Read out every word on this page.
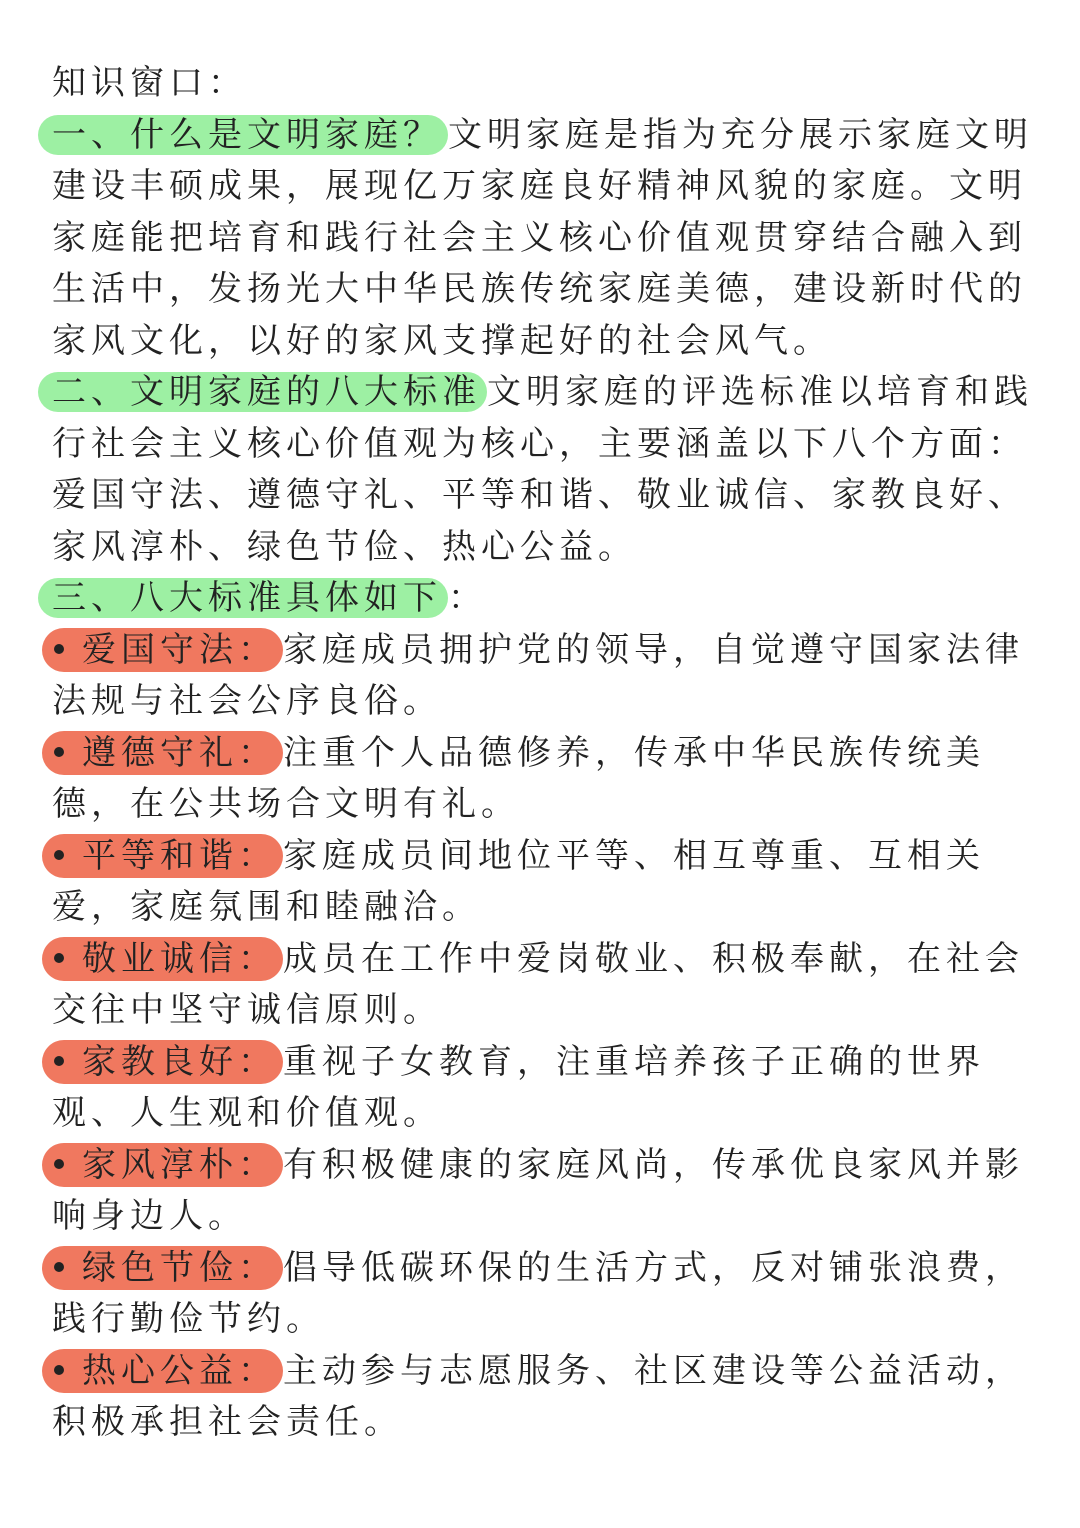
知识窗口：
一、什么是文明家庭？ 文明家庭是指为充分展示家庭文明
建设丰硕成果，展现亿万家庭良好精神风貌的家庭。文明
家庭能把培育和践行社会主义核心价值观贯穿结合融入到
生活中，发扬光大中华民族传统家庭美德，建设新时代的
家风文化，以好的家风支撑起好的社会风气。
二、文明家庭的八大标准 文明家庭的评选标准以培育和践
行社会主义核心价值观为核心，主要涵盖以下八个方面：
爱国守法、遵德守礼、平等和谐、敬业诚信、家教良好、
家风淳朴、绿色节俭、热心公益。
三、八大标准具体如下 ：
爱国守法： 家庭成员拥护党的领导，自觉遵守国家法律
法规与社会公序良俗。
遵德守礼： 注重个人品德修养，传承中华民族传统美
德，在公共场合文明有礼。
平等和谐： 家庭成员间地位平等、相互尊重、互相关
爱，家庭氛围和睦融洽。
敬业诚信： 成员在工作中爱岗敬业、积极奉献，在社会
交往中坚守诚信原则。
家教良好： 重视子女教育，注重培养孩子正确的世界
观、人生观和价值观。
家风淳朴： 有积极健康的家庭风尚，传承优良家风并影
响身边人。
绿色节俭： 倡导低碳环保的生活方式，反对铺张浪费，
践行勤俭节约。
热心公益： 主动参与志愿服务、社区建设等公益活动，
积极承担社会责任。
